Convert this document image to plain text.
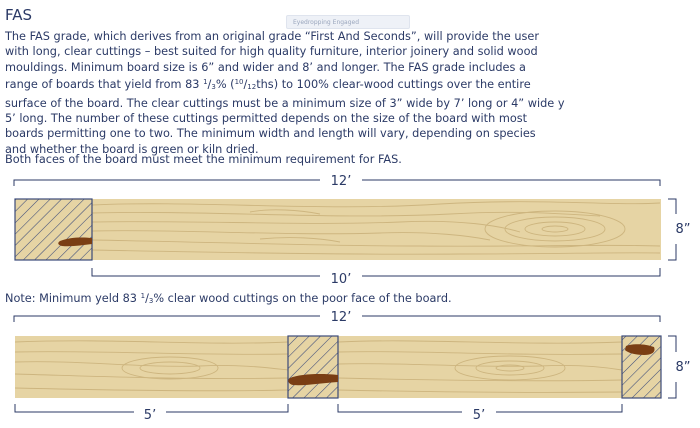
FAS	Eyedropping Engaged
The FAS grade, which derives from an original grade “First And Seconds”, will provide the user
with long, clear cuttings – best suited for high quality furniture, interior joinery and solid wood
mouldings. Minimum board size is 6” and wider and 8’ and longer. The FAS grade includes a
range of boards that yield from 83 $^1/_3\%$ $(^{10}/_{12}ths)$ to 100% clear-wood cuttings over the entire
surface of the board. The clear cuttings must be a minimum size of 3” wide by 7’ long or 4” wide y
5’ long. The number of these cuttings permitted depends on the size of the board with most
boards permitting one to two. The minimum width and length will vary, depending on species
and whether the board is green or kiln dried.

Both faces of the board must meet the minimum requirement for FAS.

Note: Minimum yeld 83 $^1/_3\%$ clear wood cuttings on the poor face of the board.

12’
8”
10’
12’
8”
5’	5’
